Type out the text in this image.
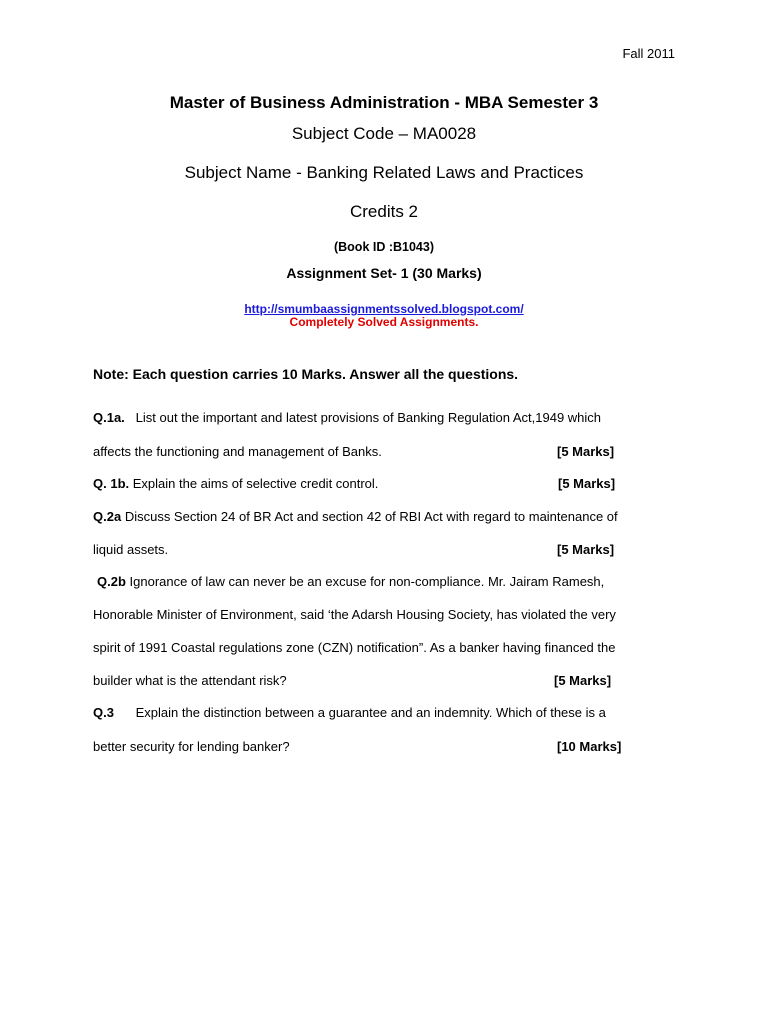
Fall 2011
Master of Business Administration - MBA Semester 3
Subject Code – MA0028
Subject Name - Banking Related Laws and Practices
Credits 2
(Book ID :B1043)
Assignment Set- 1 (30 Marks)
http://smumbaassignmentssolved.blogspot.com/
Completely Solved Assignments.
Note: Each question carries 10 Marks. Answer all the questions.
Q.1a. List out the important and latest provisions of Banking Regulation Act,1949 which
affects the functioning and management of Banks.	[5 Marks]
Q. 1b. Explain the aims of selective credit control.	[5 Marks]
Q.2a Discuss Section 24 of BR Act and section 42 of RBI Act with regard to maintenance of
liquid assets.	[5 Marks]
Q.2b Ignorance of law can never be an excuse for non-compliance. Mr. Jairam Ramesh,
Honorable Minister of Environment, said ‘the Adarsh Housing Society, has violated the very
spirit of 1991 Coastal regulations zone (CZN) notification”. As a banker having financed the
builder what is the attendant risk?	[5 Marks]
Q.3 Explain the distinction between a guarantee and an indemnity. Which of these is a
better security for lending banker?	[10 Marks]
